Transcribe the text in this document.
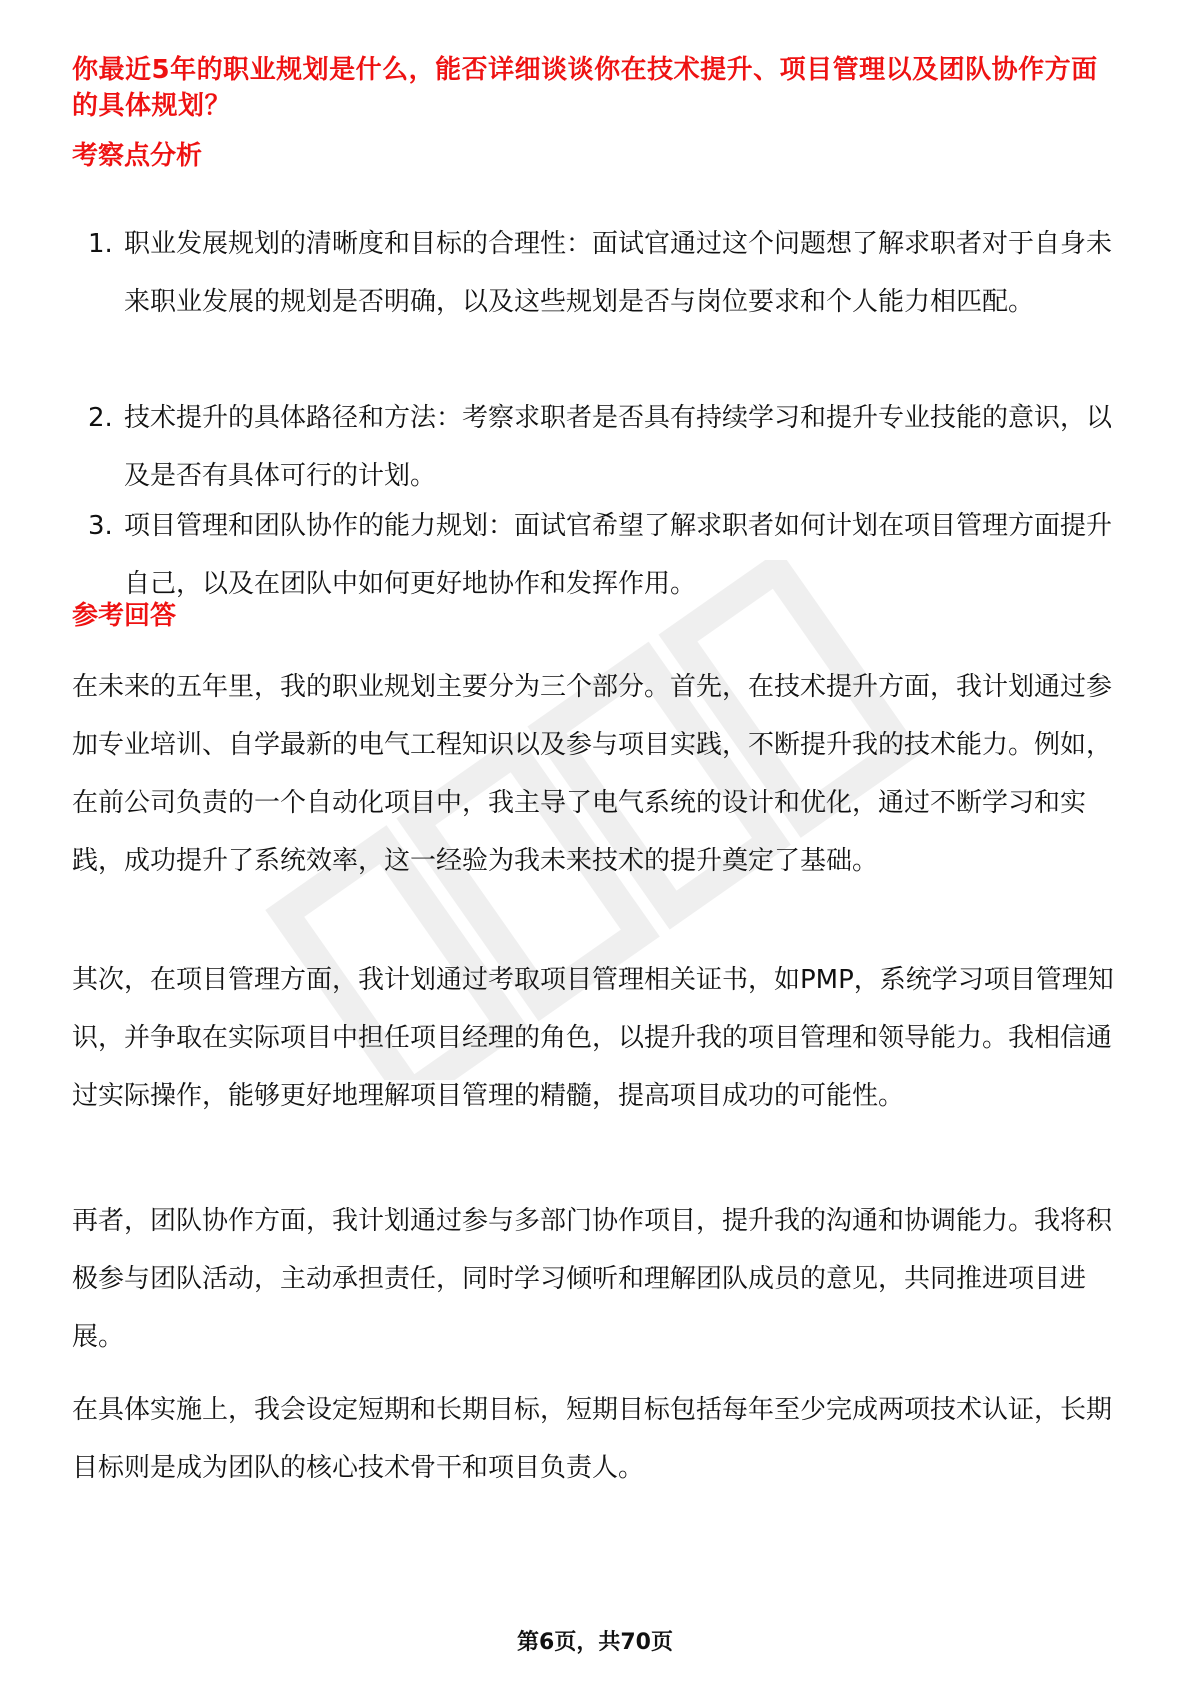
你最近5年的职业规划是什么，能否详细谈谈你在技术提升、项目管理以及团队协作方面的具体规划？
考察点分析
1. 职业发展规划的清晰度和目标的合理性：面试官通过这个问题想了解求职者对于自身未来职业发展的规划是否明确，以及这些规划是否与岗位要求和个人能力相匹配。
2. 技术提升的具体路径和方法：考察求职者是否具有持续学习和提升专业技能的意识，以及是否有具体可行的计划。
3. 项目管理和团队协作的能力规划：面试官希望了解求职者如何计划在项目管理方面提升自己，以及在团队中如何更好地协作和发挥作用。
参考回答

在未来的五年里，我的职业规划主要分为三个部分。首先，在技术提升方面，我计划通过参加专业培训、自学最新的电气工程知识以及参与项目实践，不断提升我的技术能力。例如，在前公司负责的一个自动化项目中，我主导了电气系统的设计和优化，通过不断学习和实践，成功提升了系统效率，这一经验为我未来技术的提升奠定了基础。

其次，在项目管理方面，我计划通过考取项目管理相关证书，如PMP，系统学习项目管理知识，并争取在实际项目中担任项目经理的角色，以提升我的项目管理和领导能力。我相信通过实际操作，能够更好地理解项目管理的精髓，提高项目成功的可能性。

再者，团队协作方面，我计划通过参与多部门协作项目，提升我的沟通和协调能力。我将积极参与团队活动，主动承担责任，同时学习倾听和理解团队成员的意见，共同推进项目进展。

在具体实施上，我会设定短期和长期目标，短期目标包括每年至少完成两项技术认证，长期目标则是成为团队的核心技术骨干和项目负责人。

第6页，共70页
